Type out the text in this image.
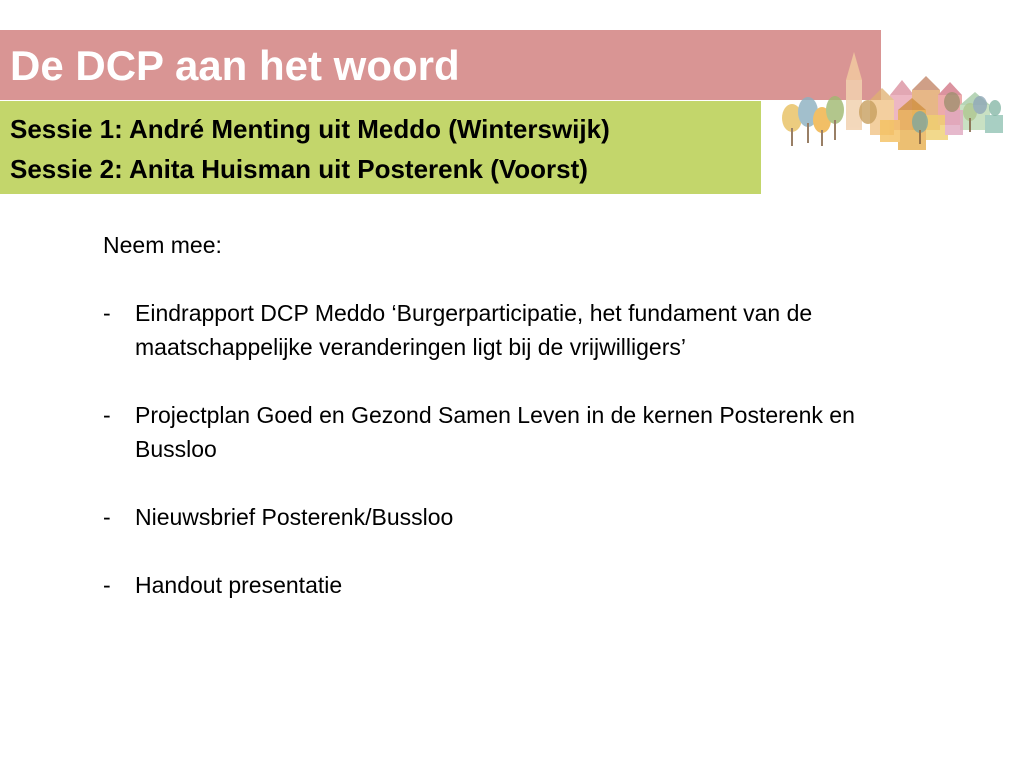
De DCP aan het woord
Sessie 1: André Menting uit Meddo (Winterswijk)
Sessie 2: Anita Huisman uit Posterenk (Voorst)

Neem mee:

- Eindrapport DCP Meddo ‘Burgerparticipatie, het fundament van de maatschappelijke veranderingen ligt bij de vrijwilligers’
- Projectplan Goed en Gezond Samen Leven in de kernen Posterenk en Bussloo
- Nieuwsbrief Posterenk/Bussloo
- Handout presentatie
